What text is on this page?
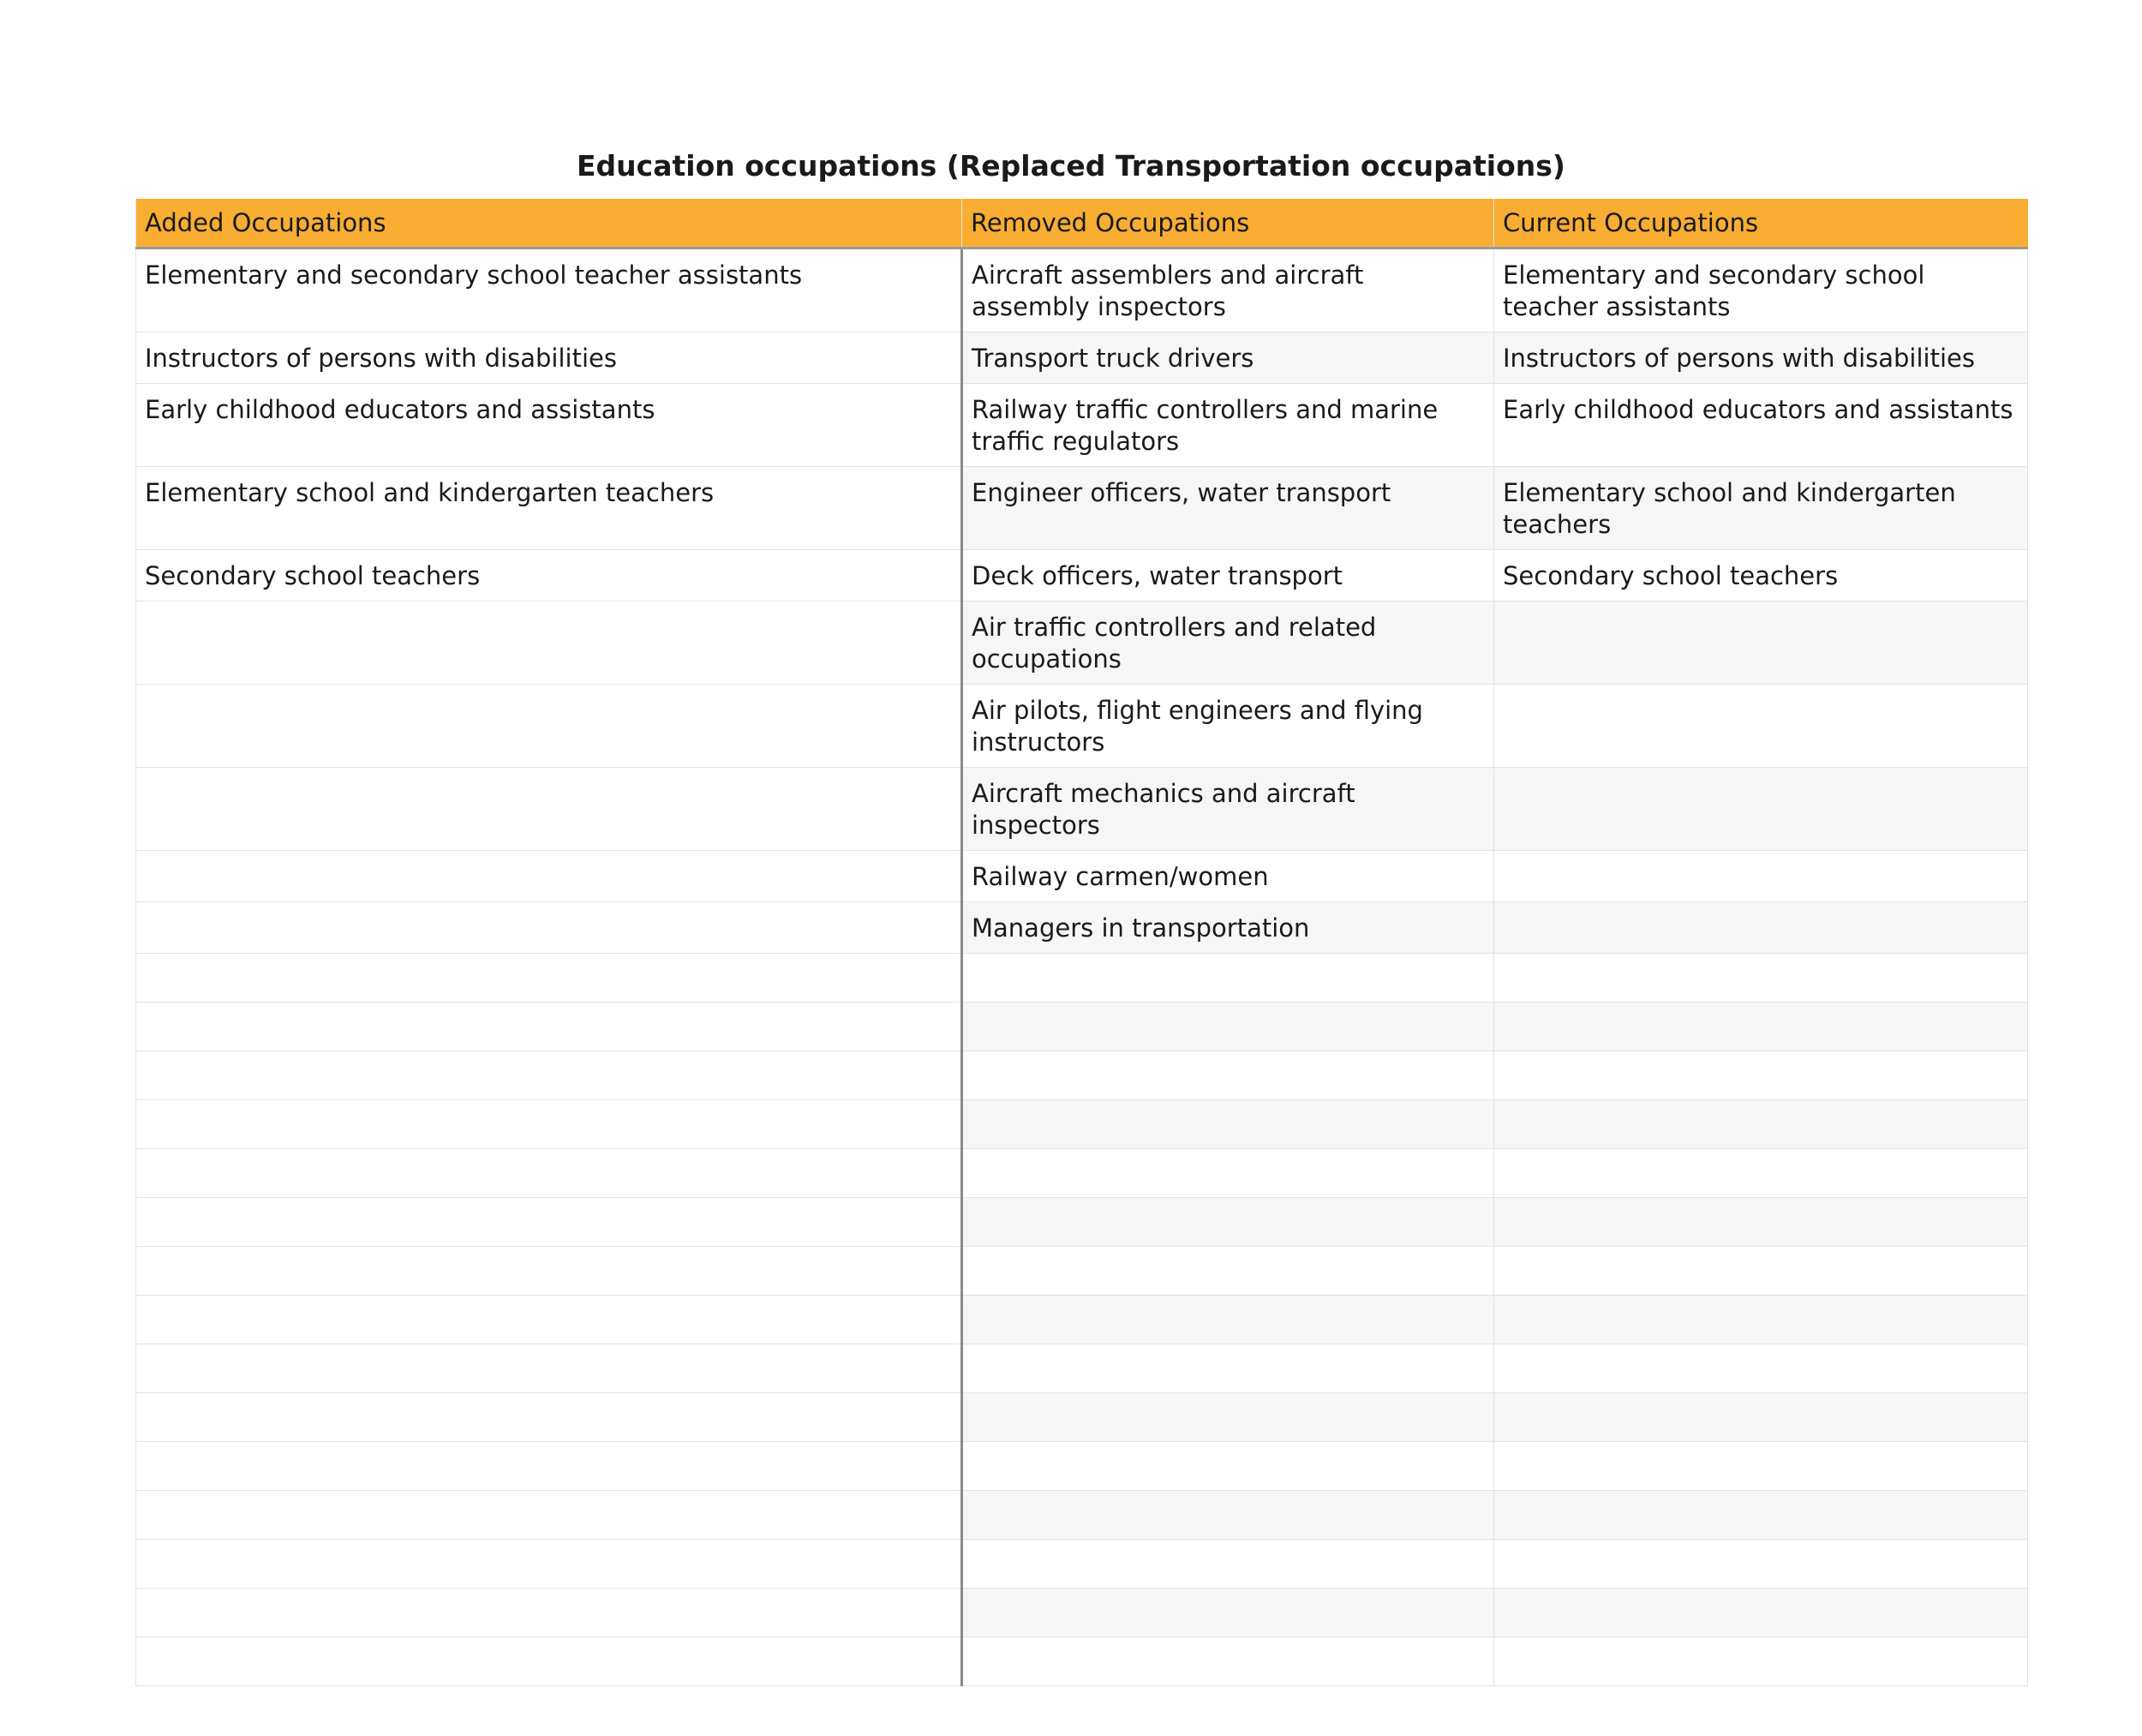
Education occupations (Replaced Transportation occupations)
Added Occupations	Removed Occupations	Current Occupations
Elementary and secondary school teacher assistants	Aircraft assemblers and aircraft assembly inspectors	Elementary and secondary school teacher assistants
Instructors of persons with disabilities	Transport truck drivers	Instructors of persons with disabilities
Early childhood educators and assistants	Railway traffic controllers and marine traffic regulators	Early childhood educators and assistants
Elementary school and kindergarten teachers	Engineer officers, water transport	Elementary school and kindergarten teachers
Secondary school teachers	Deck officers, water transport	Secondary school teachers
	Air traffic controllers and related occupations	
	Air pilots, flight engineers and flying instructors	
	Aircraft mechanics and aircraft inspectors	
	Railway carmen/women	
	Managers in transportation	
